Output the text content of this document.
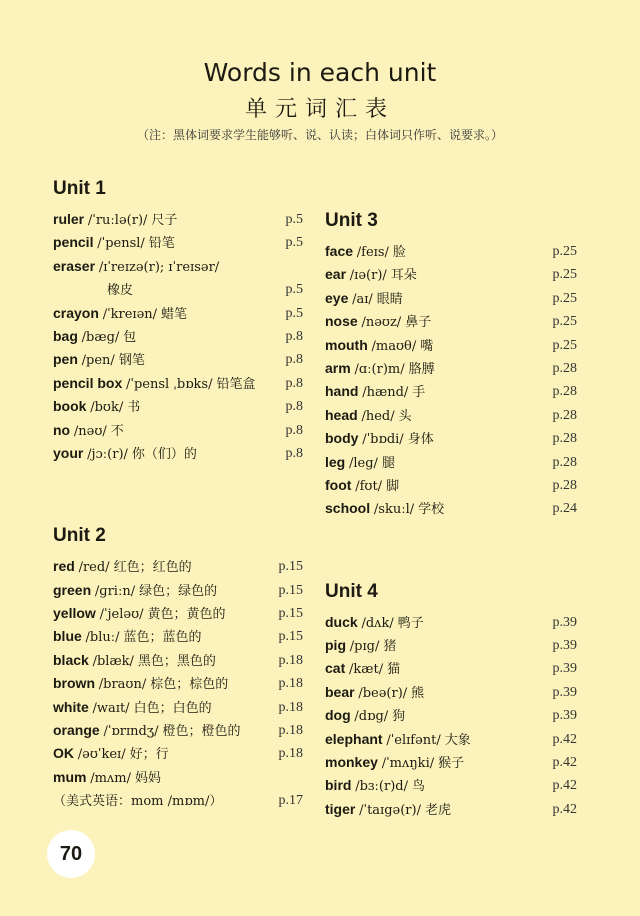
Words in each unit
单元词汇表
（注：黑体词要求学生能够听、说、认读；白体词只作听、说要求。）
Unit 1
ruler /ˈruːlə(r)/ 尺子	p.5
pencil /ˈpensl/ 铅笔	p.5
eraser /ɪˈreɪzə(r); ɪˈreɪsər/
橡皮	p.5
crayon /ˈkreɪən/ 蜡笔	p.5
bag /bæg/ 包	p.8
pen /pen/ 钢笔	p.8
pencil box /ˈpensl ˌbɒks/ 铅笔盒 p.8
book /bʊk/ 书	p.8
no /nəʊ/ 不	p.8
your /jɔː(r)/ 你（们）的	p.8
Unit 2
red /red/ 红色；红色的	p.15
green /ɡriːn/ 绿色；绿色的	p.15
yellow /ˈjeləʊ/ 黄色；黄色的	p.15
blue /bluː/ 蓝色；蓝色的	p.15
black /blæk/ 黑色；黑色的	p.18
brown /braʊn/ 棕色；棕色的	p.18
white /waɪt/ 白色；白色的	p.18
orange /ˈɒrɪndʒ/ 橙色；橙色的	p.18
OK /əʊˈkeɪ/ 好；行	p.18
mum /mʌm/ 妈妈
（美式英语：mom /mɒm/）	p.17
Unit 3
face /feɪs/ 脸	p.25
ear /ɪə(r)/ 耳朵	p.25
eye /aɪ/ 眼睛	p.25
nose /nəʊz/ 鼻子	p.25
mouth /maʊθ/ 嘴	p.25
arm /ɑː(r)m/ 胳膊	p.28
hand /hænd/ 手	p.28
head /hed/ 头	p.28
body /ˈbɒdi/ 身体	p.28
leg /leg/ 腿	p.28
foot /fʊt/ 脚	p.28
school /skuːl/ 学校	p.24
Unit 4
duck /dʌk/ 鸭子	p.39
pig /pɪg/ 猪	p.39
cat /kæt/ 猫	p.39
bear /beə(r)/ 熊	p.39
dog /dɒg/ 狗	p.39
elephant /ˈelɪfənt/ 大象	p.42
monkey /ˈmʌŋki/ 猴子	p.42
bird /bɜː(r)d/ 鸟	p.42
tiger /ˈtaɪgə(r)/ 老虎	p.42
70
